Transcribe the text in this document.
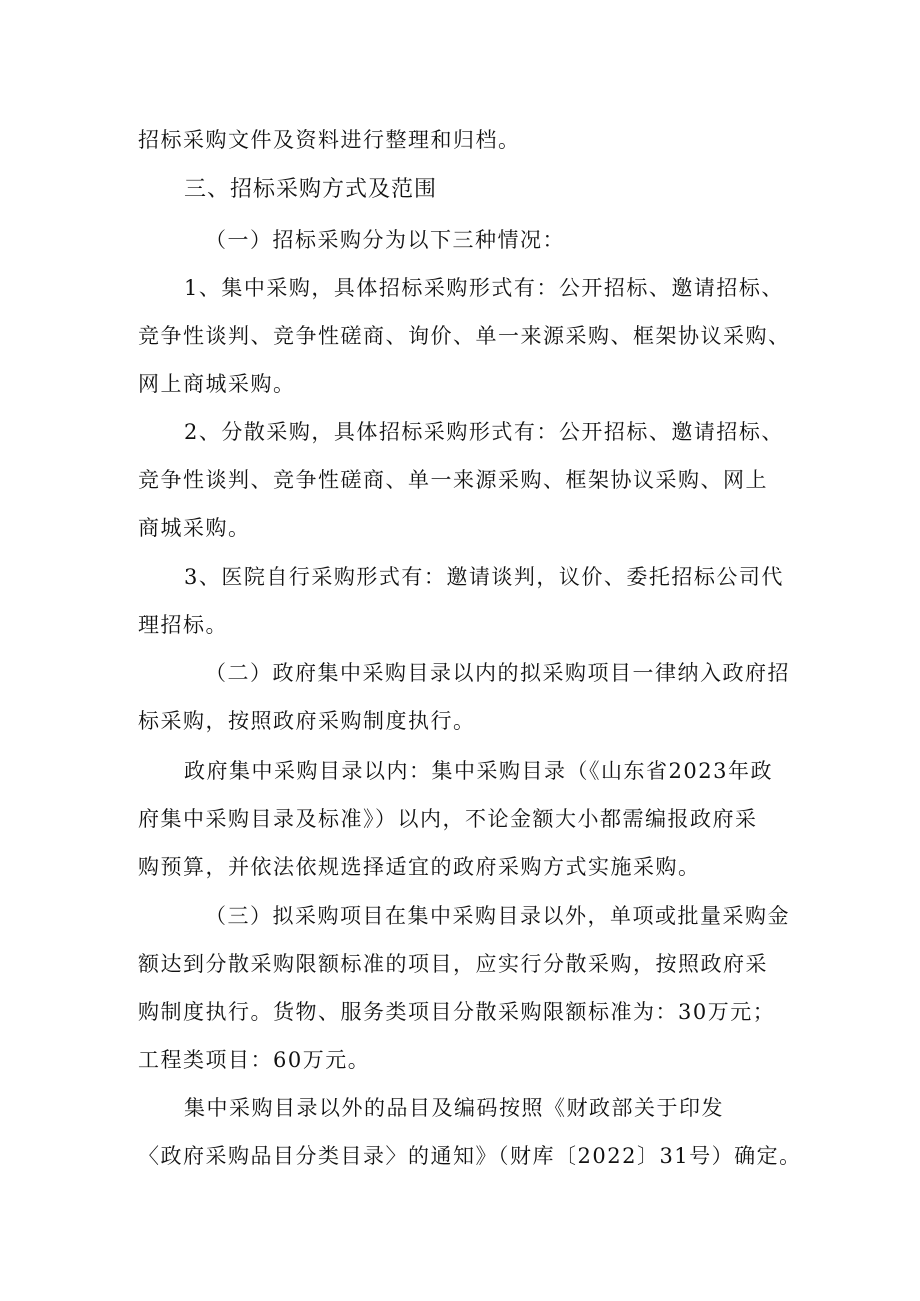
招标采购文件及资料进行整理和归档。
三、招标采购方式及范围
（一）招标采购分为以下三种情况：
1、集中采购，具体招标采购形式有：公开招标、邀请招标、
竞争性谈判、竞争性磋商、询价、单一来源采购、框架协议采购、
网上商城采购。
2、分散采购，具体招标采购形式有：公开招标、邀请招标、
竞争性谈判、竞争性磋商、单一来源采购、框架协议采购、网上
商城采购。
3、医院自行采购形式有：邀请谈判，议价、委托招标公司代
理招标。
（二）政府集中采购目录以内的拟采购项目一律纳入政府招
标采购，按照政府采购制度执行。
政府集中采购目录以内：集中采购目录（《山东省2023年政
府集中采购目录及标准》）以内，不论金额大小都需编报政府采
购预算，并依法依规选择适宜的政府采购方式实施采购。
（三）拟采购项目在集中采购目录以外，单项或批量采购金
额达到分散采购限额标准的项目，应实行分散采购，按照政府采
购制度执行。货物、服务类项目分散采购限额标准为：30万元；
工程类项目：60万元。
集中采购目录以外的品目及编码按照《财政部关于印发
〈政府采购品目分类目录〉的通知》（财库〔2022〕31号）确定。
